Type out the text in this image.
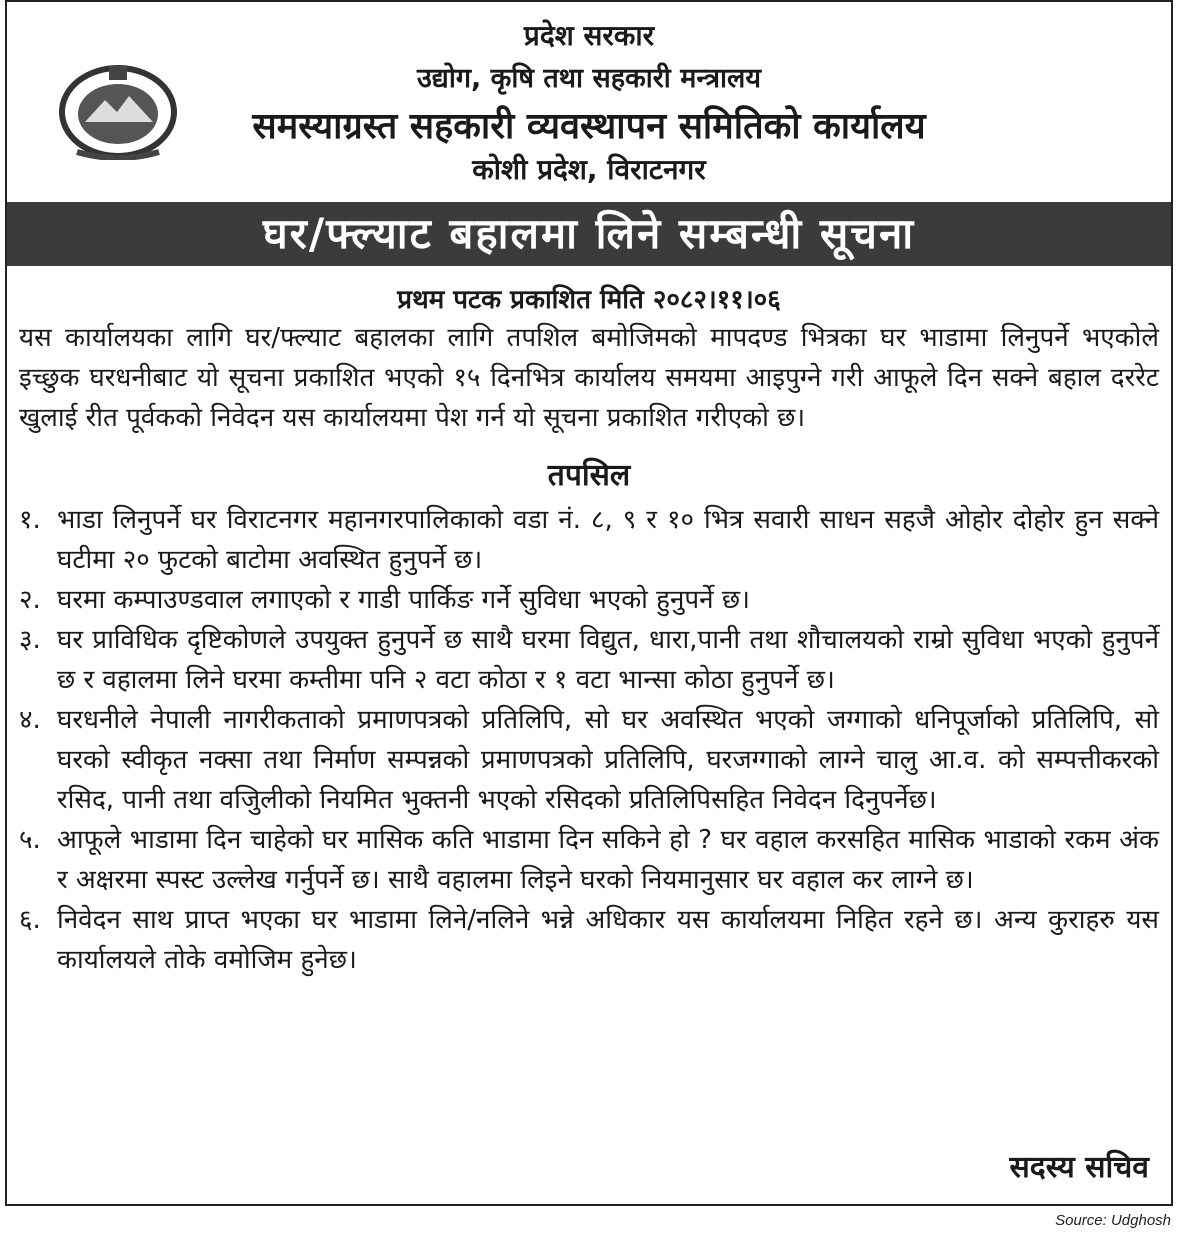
प्रदेश सरकार
उद्योग, कृषि तथा सहकारी मन्त्रालय
समस्याग्रस्त सहकारी व्यवस्थापन समितिको कार्यालय
कोशी प्रदेश, विराटनगर
घर/फ्ल्याट बहालमा लिने सम्बन्धी सूचना
प्रथम पटक प्रकाशित मिति २०८२।११।०६

यस कार्यालयका लागि घर/फ्ल्याट बहालका लागि तपशिल बमोजिमको मापदण्ड भित्रका घर भाडामा लिनुपर्ने भएकोले इच्छुक घरधनीबाट यो सूचना प्रकाशित भएको १५ दिनभित्र कार्यालय समयमा आइपुग्ने गरी आफूले दिन सक्ने बहाल दररेट खुलाई रीत पूर्वकको निवेदन यस कार्यालयमा पेश गर्न यो सूचना प्रकाशित गरीएको छ।

तपसिल
१. भाडा लिनुपर्ने घर विराटनगर महानगरपालिकाको वडा नं. ८, ९ र १० भित्र सवारी साधन सहजै ओहोर दोहोर हुन सक्ने घटीमा २० फुटको बाटोमा अवस्थित हुनुपर्ने छ।
२. घरमा कम्पाउण्डवाल लगाएको र गाडी पार्किङ गर्ने सुविधा भएको हुनुपर्ने छ।
३. घर प्राविधिक दृष्टिकोणले उपयुक्त हुनुपर्ने छ साथै घरमा विद्युत, धारा,पानी तथा शौचालयको राम्रो सुविधा भएको हुनुपर्ने छ र वहालमा लिने घरमा कम्तीमा पनि २ वटा कोठा र १ वटा भान्सा कोठा हुनुपर्ने छ।
४. घरधनीले नेपाली नागरीकताको प्रमाणपत्रको प्रतिलिपि, सो घर अवस्थित भएको जग्गाको धनिपूर्जाको प्रतिलिपि, सो घरको स्वीकृत नक्सा तथा निर्माण सम्पन्नको प्रमाणपत्रको प्रतिलिपि, घरजग्गाको लाग्ने चालु आ.व. को सम्पत्तीकरको रसिद, पानी तथा वजिुलीको नियमित भुक्तनी भएको रसिदको प्रतिलिपिसहित निवेदन दिनुपर्नेछ।
५. आफूले भाडामा दिन चाहेको घर मासिक कति भाडामा दिन सकिने हो ? घर वहाल करसहित मासिक भाडाको रकम अंक र अक्षरमा स्पस्ट उल्लेख गर्नुपर्ने छ। साथै वहालमा लिइने घरको नियमानुसार घर वहाल कर लाग्ने छ।
६. निवेदन साथ प्राप्त भएका घर भाडामा लिने/नलिने भन्ने अधिकार यस कार्यालयमा निहित रहने छ। अन्य कुराहरु यस कार्यालयले तोके वमोजिम हुनेछ।
सदस्य सचिव
Source: Udghosh
